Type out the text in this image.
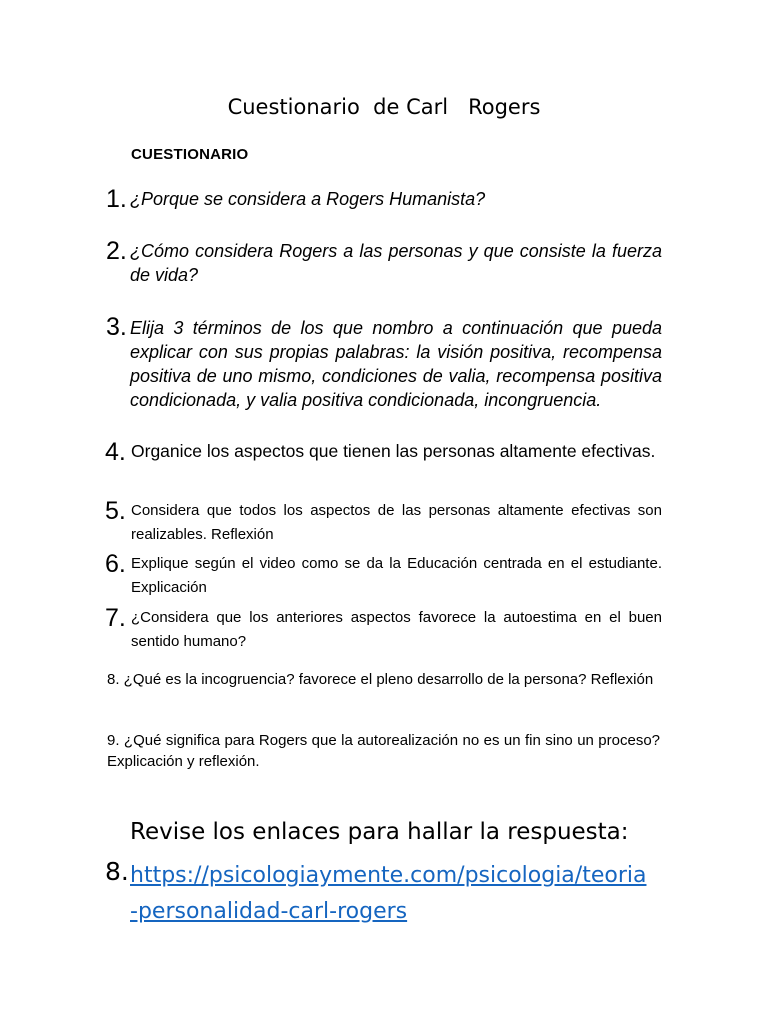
Cuestionario  de Carl   Rogers
CUESTIONARIO
1. ¿Porque se considera a Rogers Humanista?
2. ¿Cómo considera Rogers a las personas y que consiste la fuerza de vida?
3. Elija 3 términos de los que nombro a continuación que pueda explicar con sus propias palabras: la visión positiva, recompensa positiva de uno mismo, condiciones de valia, recompensa positiva condicionada, y valia positiva condicionada, incongruencia.
4. Organice los aspectos que tienen las personas altamente efectivas.
5. Considera que todos los aspectos de las personas altamente efectivas son realizables. Reflexión
6. Explique según el video como se da la Educación centrada en el estudiante. Explicación
7. ¿Considera que los anteriores aspectos favorece la autoestima en el buen sentido humano?
8. ¿Qué es la incogruencia? favorece el pleno desarrollo de la persona? Reflexión
9. ¿Qué significa para Rogers que la autorealización no es un fin sino un proceso? Explicación y reflexión.
Revise los enlaces para hallar la respuesta:
8. https://psicologiaymente.com/psicologia/teoria-personalidad-carl-rogers
